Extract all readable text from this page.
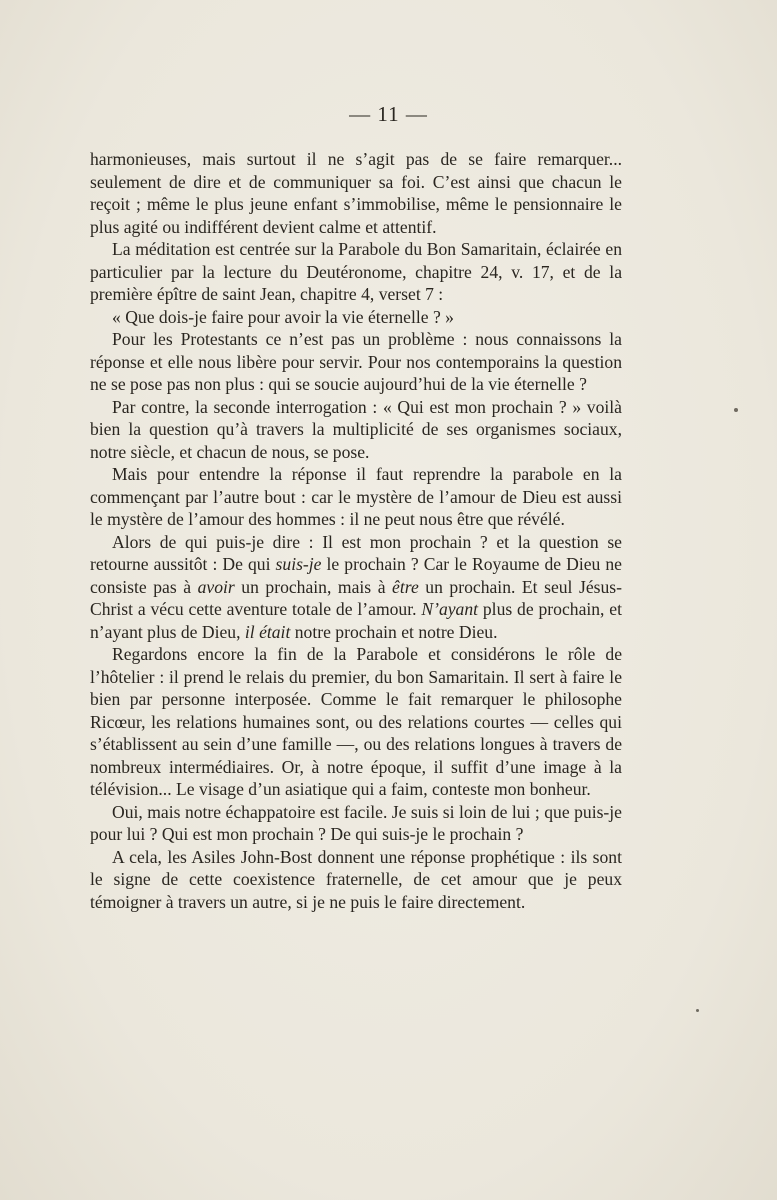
— 11 —

harmonieuses, mais surtout il ne s’agit pas de se faire remarquer... seulement de dire et de communiquer sa foi. C’est ainsi que chacun le reçoit ; même le plus jeune enfant s’immobilise, même le pensionnaire le plus agité ou indifférent devient calme et attentif.

La méditation est centrée sur la Parabole du Bon Samaritain, éclairée en particulier par la lecture du Deutéronome, chapitre 24, v. 17, et de la première épître de saint Jean, chapitre 4, verset 7 :

« Que dois-je faire pour avoir la vie éternelle ? »

Pour les Protestants ce n’est pas un problème : nous connaissons la réponse et elle nous libère pour servir. Pour nos contemporains la question ne se pose pas non plus : qui se soucie aujourd’hui de la vie éternelle ?

Par contre, la seconde interrogation : « Qui est mon prochain ? » voilà bien la question qu’à travers la multiplicité de ses organismes sociaux, notre siècle, et chacun de nous, se pose.

Mais pour entendre la réponse il faut reprendre la parabole en la commençant par l’autre bout : car le mystère de l’amour de Dieu est aussi le mystère de l’amour des hommes : il ne peut nous être que révélé.

Alors de qui puis-je dire : Il est mon prochain ? et la question se retourne aussitôt : De qui suis-je le prochain ? Car le Royaume de Dieu ne consiste pas à avoir un prochain, mais à être un prochain. Et seul Jésus-Christ a vécu cette aventure totale de l’amour. N’ayant plus de prochain, et n’ayant plus de Dieu, il était notre prochain et notre Dieu.

Regardons encore la fin de la Parabole et considérons le rôle de l’hôtelier : il prend le relais du premier, du bon Samaritain. Il sert à faire le bien par personne interposée. Comme le fait remarquer le philosophe Ricœur, les relations humaines sont, ou des relations courtes — celles qui s’établissent au sein d’une famille —, ou des relations longues à travers de nombreux intermédiaires. Or, à notre époque, il suffit d’une image à la télévision... Le visage d’un asiatique qui a faim, conteste mon bonheur.

Oui, mais notre échappatoire est facile. Je suis si loin de lui ; que puis-je pour lui ? Qui est mon prochain ? De qui suis-je le prochain ?

A cela, les Asiles John-Bost donnent une réponse prophétique : ils sont le signe de cette coexistence fraternelle, de cet amour que je peux témoigner à travers un autre, si je ne puis le faire directement.
